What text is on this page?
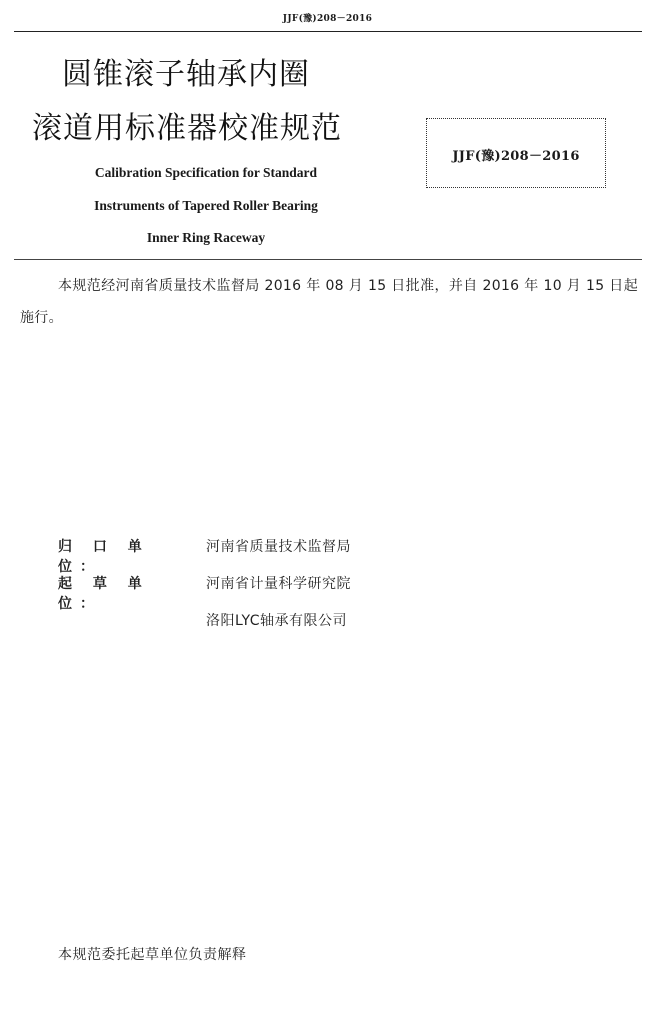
JJF(豫)208－2016
圆锥滚子轴承内圈
滚道用标准器校准规范
JJF(豫)208－2016
Calibration Specification for Standard
Instruments of Tapered Roller Bearing
Inner Ring Raceway
本规范经河南省质量技术监督局 2016 年 08 月 15 日批准，并自 2016 年 10 月 15 日起施行。
归 口 单 位：
河南省质量技术监督局
起 草 单 位：
河南省计量科学研究院
洛阳LYC轴承有限公司
本规范委托起草单位负责解释
